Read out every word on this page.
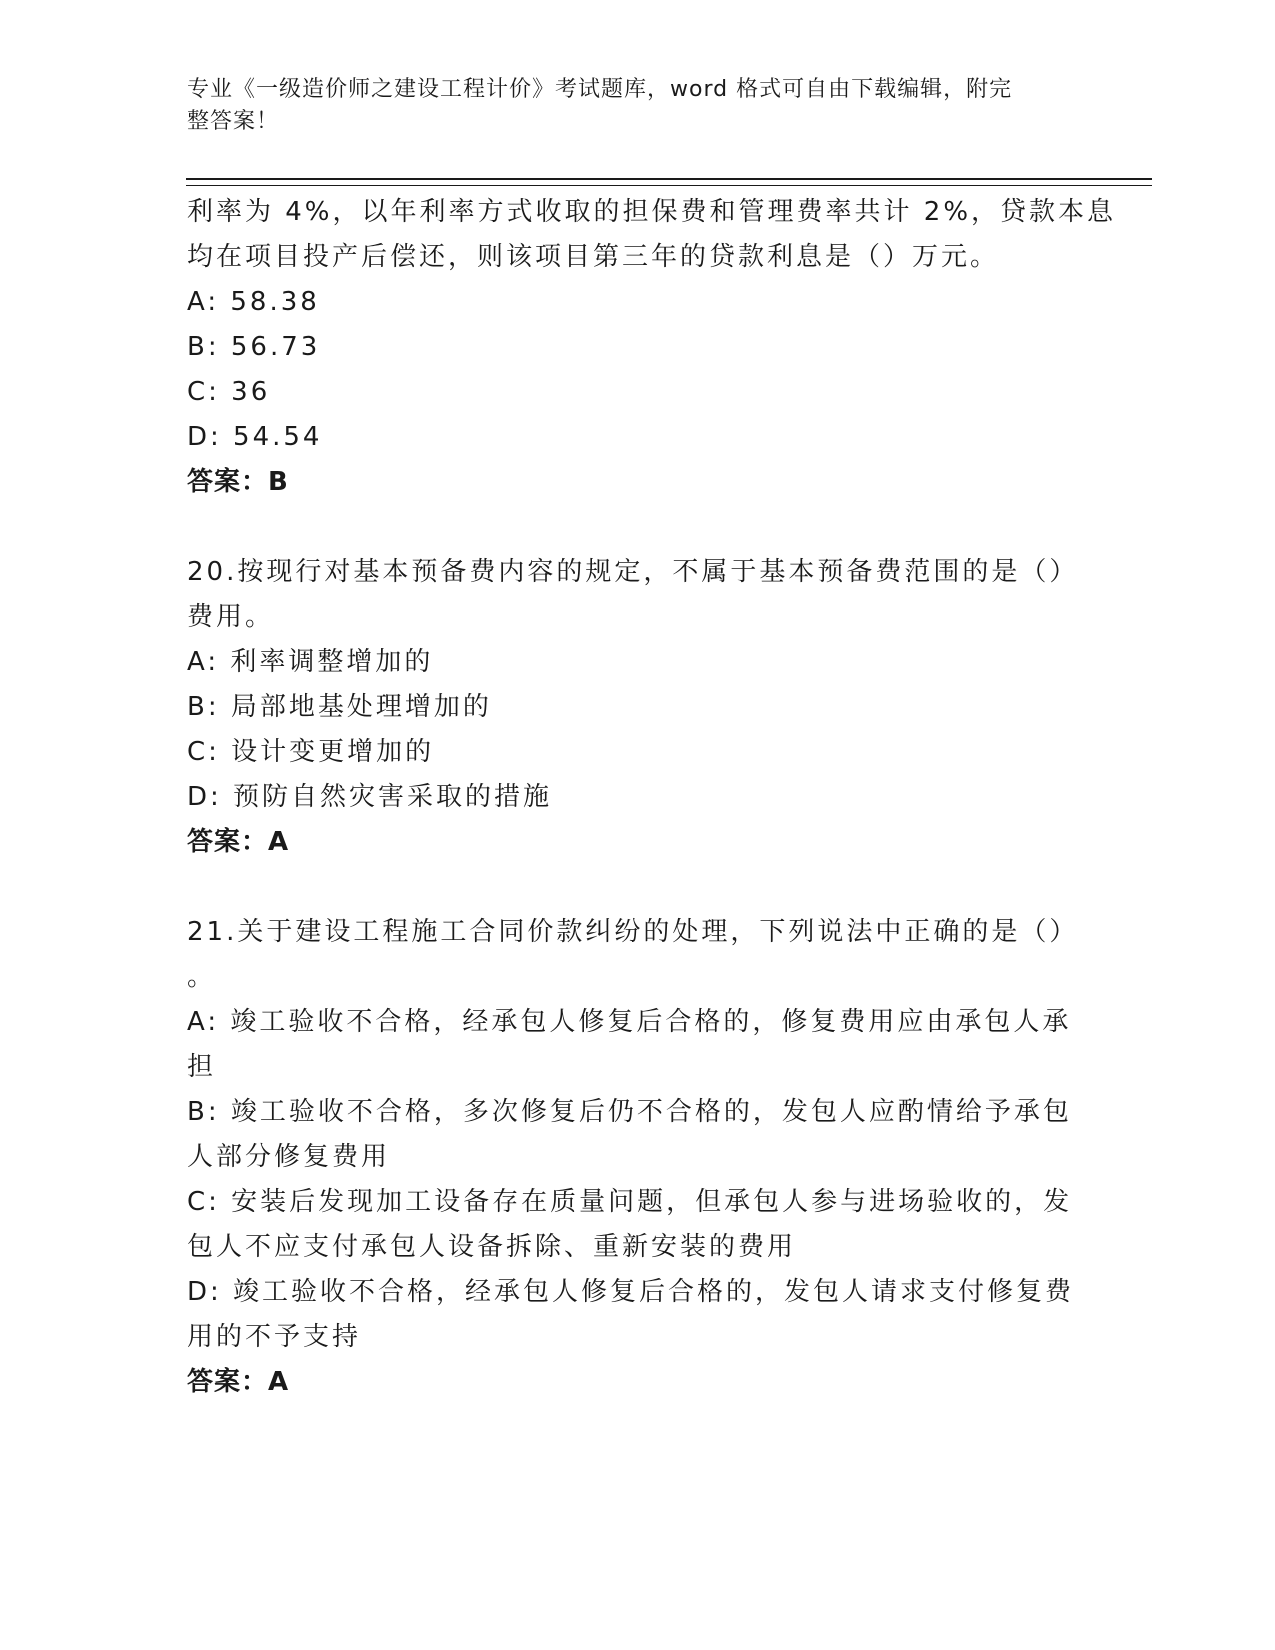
专业《一级造价师之建设工程计价》考试题库，word 格式可自由下载编辑，附完
整答案！
利率为 4%，以年利率方式收取的担保费和管理费率共计 2%，贷款本息
均在项目投产后偿还，则该项目第三年的贷款利息是（）万元。
A: 58.38
B: 56.73
C: 36
D: 54.54
答案：B
20.按现行对基本预备费内容的规定，不属于基本预备费范围的是（）
费用。
A: 利率调整增加的
B: 局部地基处理增加的
C: 设计变更增加的
D: 预防自然灾害采取的措施
答案：A
21.关于建设工程施工合同价款纠纷的处理，下列说法中正确的是（）
。
A: 竣工验收不合格，经承包人修复后合格的，修复费用应由承包人承
担
B: 竣工验收不合格，多次修复后仍不合格的，发包人应酌情给予承包
人部分修复费用
C: 安装后发现加工设备存在质量问题，但承包人参与进场验收的，发
包人不应支付承包人设备拆除、重新安装的费用
D: 竣工验收不合格，经承包人修复后合格的，发包人请求支付修复费
用的不予支持
答案：A
